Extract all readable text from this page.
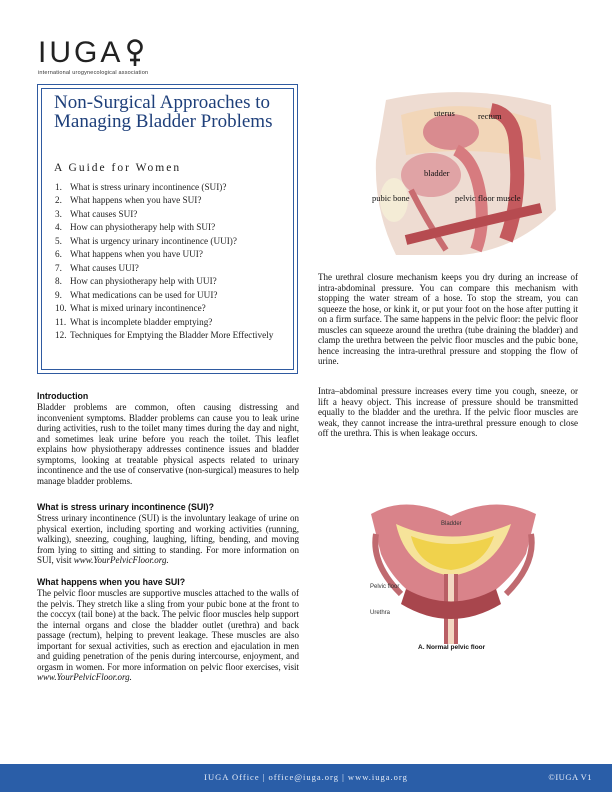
IUGA
international urogynecological association
Non-Surgical Approaches to Managing Bladder Problems
A Guide for Women
1. What is stress urinary incontinence (SUI)?
2. What happens when you have SUI?
3. What causes SUI?
4. How can physiotherapy help with SUI?
5. What is urgency urinary incontinence (UUI)?
6. What happens when you have UUI?
7. What causes UUI?
8. How can physiotherapy help with UUI?
9. What medications can be used for UUI?
10. What is mixed urinary incontinence?
11. What is incomplete bladder emptying?
12. Techniques for Emptying the Bladder More Effectively
uterus	rectum
bladder
pubic bone	pelvic floor muscle
The urethral closure mechanism keeps you dry during an increase of intra-abdominal pressure. You can compare this mechanism with stopping the water stream of a hose. To stop the stream, you can squeeze the hose, or kink it, or put your foot on the hose after putting it on a firm surface. The same happens in the pelvic floor: the pelvic floor muscles can squeeze around the urethra (tube draining the bladder) and clamp the urethra between the pelvic floor muscles and the pubic bone, hence increasing the intra-urethral pressure and stopping the flow of urine.
Intra–abdominal pressure increases every time you cough, sneeze, or lift a heavy object. This increase of pressure should be transmitted equally to the bladder and the urethra. If the pelvic floor muscles are weak, they cannot increase the intra-urethral pressure enough to close off the urethra. This is when leakage occurs.
Bladder
Pelvic floor
Urethra
A. Normal pelvic floor
Introduction
Bladder problems are common, often causing distressing and inconvenient symptoms. Bladder problems can cause you to leak urine during activities, rush to the toilet many times during the day and night, and sometimes leak urine before you reach the toilet. This leaflet explains how physiotherapy addresses continence issues and bladder symptoms, looking at treatable physical aspects related to urinary incontinence and the use of conservative (non-surgical) measures to help manage bladder problems.
What is stress urinary incontinence (SUI)?
Stress urinary incontinence (SUI) is the involuntary leakage of urine on physical exertion, including sporting and working activities (running, walking), sneezing, coughing, laughing, lifting, bending, and moving from lying to sitting and sitting to standing. For more information on SUI, visit www.YourPelvicFloor.org.
What happens when you have SUI?
The pelvic floor muscles are supportive muscles attached to the walls of the pelvis. They stretch like a sling from your pubic bone at the front to the coccyx (tail bone) at the back. The pelvic floor muscles help support the internal organs and close the bladder outlet (urethra) and back passage (rectum), helping to prevent leakage. These muscles are also important for sexual activities, such as erection and ejaculation in men and guiding penetration of the penis during intercourse, enjoyment, and orgasm in women. For more information on pelvic floor exercises, visit www.YourPelvicFloor.org.
IUGA Office | office@iuga.org | www.iuga.org	©IUGA V1
